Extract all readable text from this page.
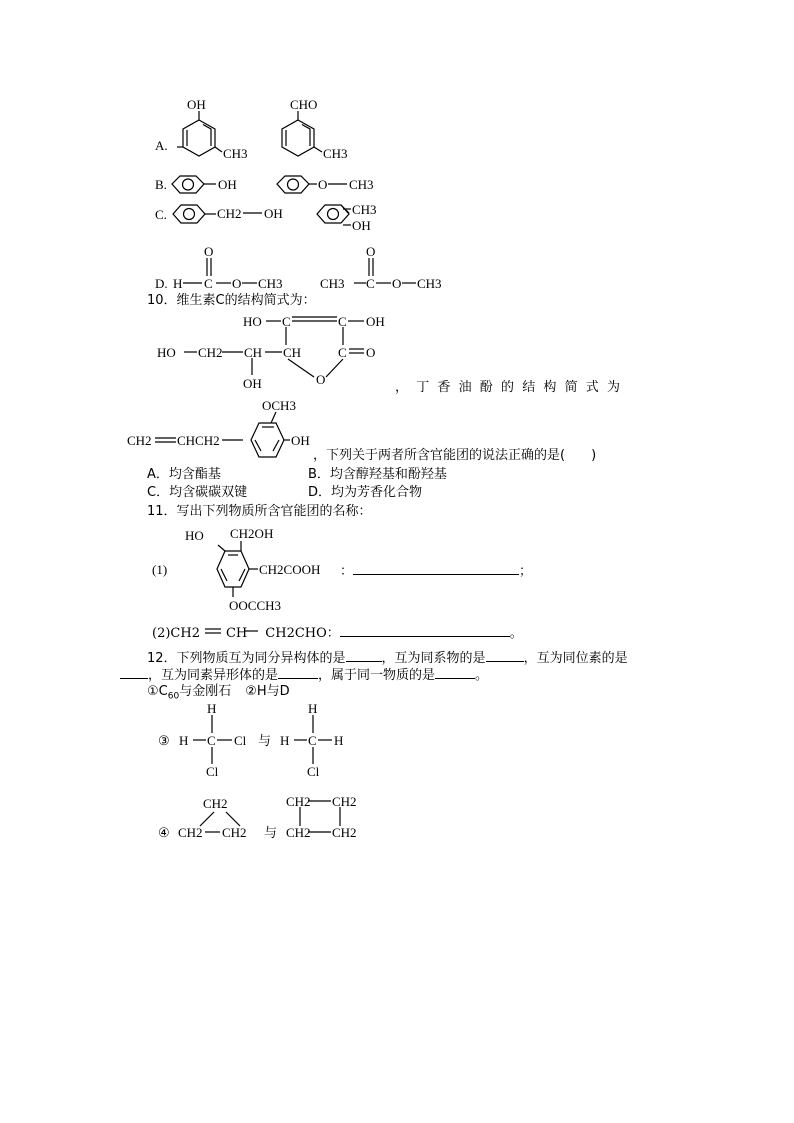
A.
OH
CH3
CHO
CH3
B.	OH	O CH3
C.	CH2 OH	CH3
OH
D. H C O CH3
O
CH3 C O CH3
O
HO C	C OH
HO CH2 CH CH	C O
OH	O
OCH3
CH2 CHCH2	OH
HO CH2OH
CH2COOH
OOCCH3
(1)
③ H C Cl
H
Cl
与 H C H
H
Cl
④
CH2
CH2 CH2 与
CH2 CH2
CH2 CH2
10．维生素C的结构简式为：
，丁香油酚的结构简式为
，下列关于两者所含官能团的说法正确的是(　　)
A．均含酯基	B．均含醇羟基和酚羟基
C．均含碳碳双键	D．均为芳香化合物
11．写出下列物质所含官能团的名称：
：	；
(2)CH2 CH CH2CHO：	。
12．下列物质互为同分异构体的是	，互为同系物的是	，互为同位素的是
，互为同素异形体的是	，属于同一物质的是	。
$①C_{60}$与金刚石 ②H与D
